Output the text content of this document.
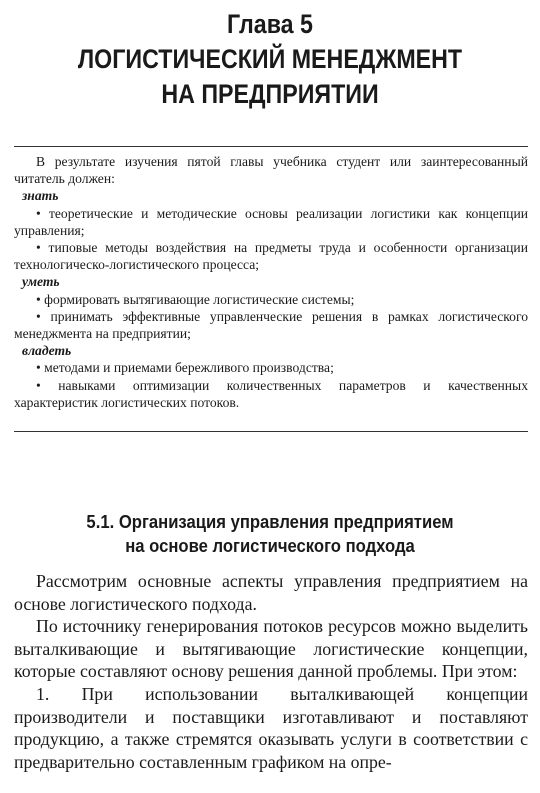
Глава 5
ЛОГИСТИЧЕСКИЙ МЕНЕДЖМЕНТ
НА ПРЕДПРИЯТИИ

В результате изучения пятой главы учебника студент или заинтересованный читатель должен:

знать

• теоретические и методические основы реализации логистики как концепции управления;

• типовые методы воздействия на предметы труда и особенности организации технологическо-логистического процесса;

уметь

• формировать вытягивающие логистические системы;

• принимать эффективные управленческие решения в рамках логистического менеджмента на предприятии;

владеть

• методами и приемами бережливого производства;

• навыками оптимизации количественных параметров и качественных характеристик логистических потоков.

5.1. Организация управления предприятием
на основе логистического подхода

Рассмотрим основные аспекты управления предприятием на основе логистического подхода.

По источнику генерирования потоков ресурсов можно выделить выталкивающие и вытягивающие логистические концепции, которые составляют основу решения данной проблемы. При этом:

1. При использовании выталкивающей концепции производители и поставщики изготавливают и поставляют продукцию, а также стремятся оказывать услуги в соответствии с предварительно составленным графиком на опре-
